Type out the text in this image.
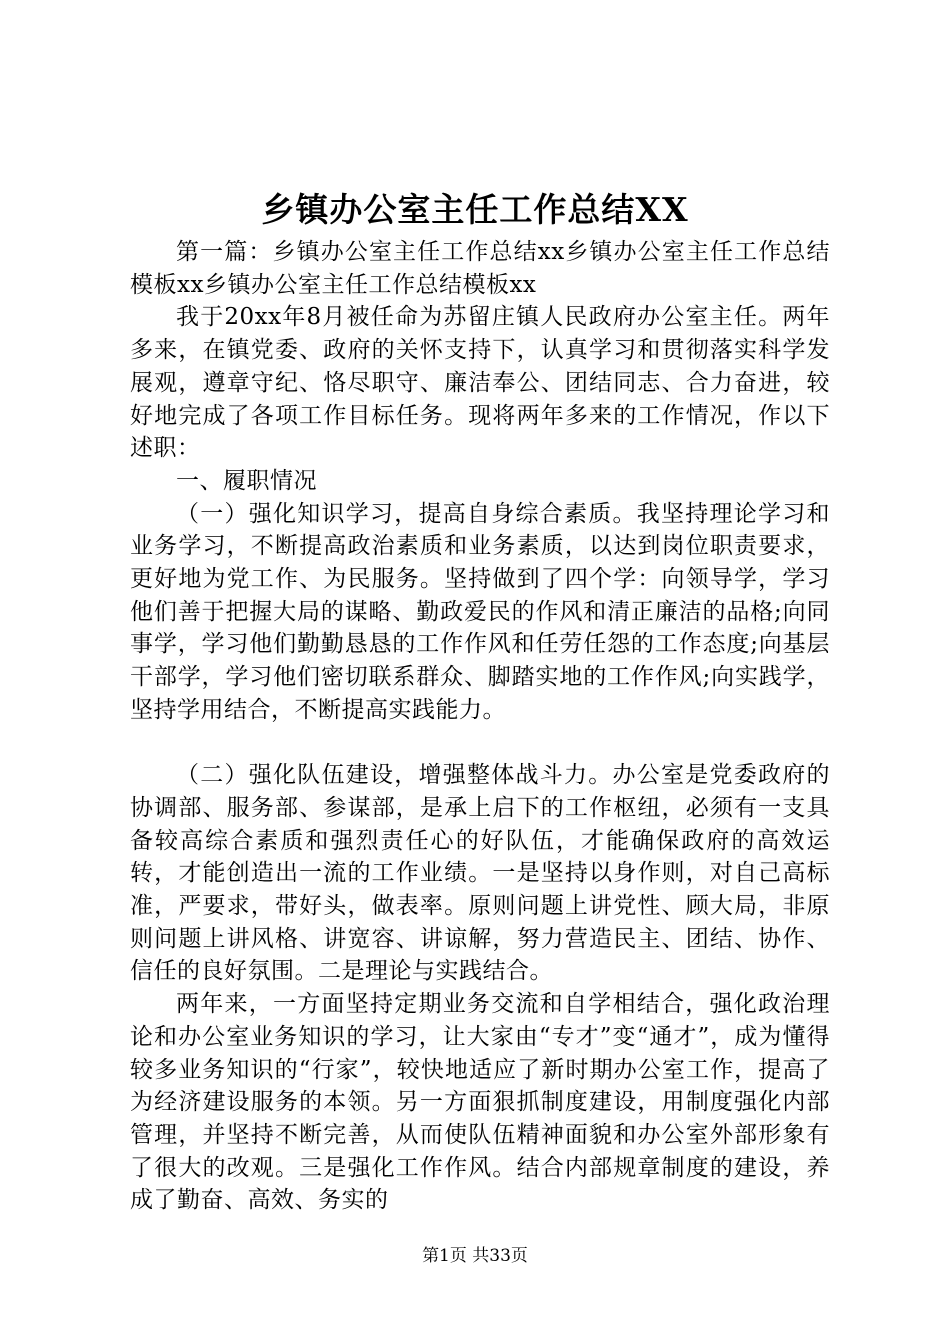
乡镇办公室主任工作总结XX

第一篇：乡镇办公室主任工作总结xx乡镇办公室主任工作总结模板xx乡镇办公室主任工作总结模板xx

我于20xx年8月被任命为苏留庄镇人民政府办公室主任。两年多来，在镇党委、政府的关怀支持下，认真学习和贯彻落实科学发展观，遵章守纪、恪尽职守、廉洁奉公、团结同志、合力奋进，较好地完成了各项工作目标任务。现将两年多来的工作情况，作以下述职：

一、履职情况

（一）强化知识学习，提高自身综合素质。我坚持理论学习和业务学习，不断提高政治素质和业务素质，以达到岗位职责要求，更好地为党工作、为民服务。坚持做到了四个学：向领导学，学习他们善于把握大局的谋略、勤政爱民的作风和清正廉洁的品格;向同事学，学习他们勤勤恳恳的工作作风和任劳任怨的工作态度;向基层干部学，学习他们密切联系群众、脚踏实地的工作作风;向实践学，坚持学用结合，不断提高实践能力。

（二）强化队伍建设，增强整体战斗力。办公室是党委政府的协调部、服务部、参谋部，是承上启下的工作枢纽，必须有一支具备较高综合素质和强烈责任心的好队伍，才能确保政府的高效运转，才能创造出一流的工作业绩。一是坚持以身作则，对自己高标准，严要求，带好头，做表率。原则问题上讲党性、顾大局，非原则问题上讲风格、讲宽容、讲谅解，努力营造民主、团结、协作、信任的良好氛围。二是理论与实践结合。

两年来，一方面坚持定期业务交流和自学相结合，强化政治理论和办公室业务知识的学习，让大家由“专才”变“通才”，成为懂得较多业务知识的“行家”，较快地适应了新时期办公室工作，提高了为经济建设服务的本领。另一方面狠抓制度建设，用制度强化内部管理，并坚持不断完善，从而使队伍精神面貌和办公室外部形象有了很大的改观。三是强化工作作风。结合内部规章制度的建设，养成了勤奋、高效、务实的

第1页 共33页
